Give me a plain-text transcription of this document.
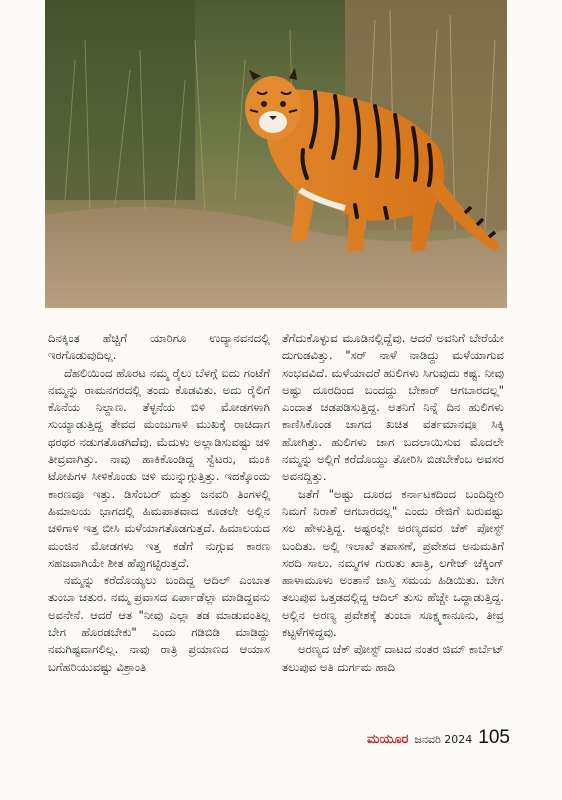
ದಿನಕ್ಕಿಂತ ಹೆಚ್ಚಿಗೆ ಯಾರಿಗೂ ಉದ್ಯಾನವನದಲ್ಲಿ ಇರಗೊಡುವುದಿಲ್ಲ.

ದೆಹಲಿಯಿಂದ ಹೊರಟ ನಮ್ಮ ರೈಲು ಬೆಳಗ್ಗೆ ಐದು ಗಂಟೆಗೆ ನಮ್ಮನ್ನು ರಾಮನಗರದಲ್ಲಿ ತಂದು ಕೊಡವಿತು. ಅದು ರೈಲಿಗೆ ಕೊನೆಯ ನಿಲ್ದಾಣ. ತೆಳ್ಳನೆಯ ಬಿಳಿ ಮೋಡಗಳಾಗಿ ಸುಯ್ಯಾಡುತ್ತಿದ್ದ ತೇವದ ಮಂಜುಗಾಳಿ ಮುಖಕ್ಕೆ ರಾಚಿದಾಗ ಥರಥರ ನಡುಗತೊಡಗಿದೆವು. ಮೆದುಳು ಅಲ್ಲಾಡಿಸುವಷ್ಟು ಚಳಿ ತೀವ್ರವಾಗಿತ್ತು. ನಾವು ಹಾಕಿಕೊಂಡಿದ್ದ ಸ್ವೆಟರು, ಮಂಕಿ ಟೋಪಿಗಳ ಸೀಳಿಕೊಂಡು ಚಳಿ ಮುನ್ನುಗ್ಗುತ್ತಿತ್ತು. ಇದಕ್ಕೊಂದು ಕಾರಣವೂ ಇತ್ತು. ಡಿಸೆಂಬರ್ ಮತ್ತು ಜನವರಿ ತಿಂಗಳಲ್ಲಿ ಹಿಮಾಲಯ ಭಾಗದಲ್ಲಿ ಹಿಮಪಾತವಾದ ಕೂಡಲೇ ಅಲ್ಲಿನ ಚಳಿಗಾಳಿ ಇತ್ತ ಬೀಸಿ ಮಳೆಯಾಗತೊಡಗುತ್ತದೆ. ಹಿಮಾಲಯದ ಮಂಜಿನ ಮೋಡಗಳು ಇತ್ತ ಕಡೆಗೆ ನುಗ್ಗುವ ಕಾರಣ ಸಹಜವಾಗಿಯೇ ಶೀತ ಹೆಪ್ಪುಗಟ್ಟಿರುತ್ತದೆ.

ನಮ್ಮನ್ನು ಕರೆದೊಯ್ಯಲು ಬಂದಿದ್ದ ಆದಿಲ್ ಎಂಬಾತ ತುಂಬಾ ಚತುರ. ನಮ್ಮ ಪ್ರವಾಸದ ಏರ್ಪಾಡೆಲ್ಲಾ ಮಾಡಿದ್ದವನು ಅವನೇನೆ. ಆದರೆ ಆತ "ನೀವು ಎಲ್ಲಾ ತಡ ಮಾಡುವಂತಿಲ್ಲ ಬೇಗ ಹೊರಡಬೇಕು" ಎಂದು ಗಡಿಬಿಡಿ ಮಾಡಿದ್ದು ನಮಗಿಷ್ಟವಾಗಲಿಲ್ಲ. ನಾವು ರಾತ್ರಿ ಪ್ರಯಾಣದ ಆಯಾಸ ಬಗೆಹರಿಯುವಷ್ಟು ವಿಶ್ರಾಂತಿ

ತೆಗೆದುಕೊಳ್ಳುವ ಮೂಡಿನಲ್ಲಿದ್ದೆವು. ಆದರೆ ಅವನಿಗೆ ಬೇರೆಯೇ ದುಗುಡವಿತ್ತು. "ಸರ್ ನಾಳೆ ನಾಡಿದ್ದು ಮಳೆಯಾಗುವ ಸಂಭವವಿದೆ. ಮಳೆಯಾದರೆ ಹುಲಿಗಳು ಸಿಗುವುದು ಕಷ್ಟ. ನೀವು ಅಷ್ಟು ದೂರದಿಂದ ಬಂದದ್ದು ಬೇಕಾರ್ ಆಗಬಾರದಲ್ಲ" ಎಂದಾತ ಚಡಪಡಿಸುತ್ತಿದ್ದ. ಅತನಿಗೆ ನಿನ್ನೆ ದಿನ ಹುಲಿಗಳು ಕಾಣಿಸಿಕೊಂಡ ಜಾಗದ ಖಚಿತ ವರ್ತಮಾನವೂ ಸಿಕ್ಕಿ ಹೋಗಿತ್ತು. ಹುಲಿಗಳು ಜಾಗ ಬದಲಾಯಿಸುವ ಮೊದಲೇ ನಮ್ಮನ್ನು ಅಲ್ಲಿಗೆ ಕರೆದೊಯ್ದು ತೋರಿಸಿ ಬಿಡಬೇಕೆಂಬ ಅವಸರ ಅವನದ್ದಿತ್ತು.

ಜತೆಗೆ "ಅಷ್ಟು ದೂರದ ಕರ್ನಾಟಕದಿಂದ ಬಂದಿದ್ದೀರಿ ನಿಮಗೆ ನಿರಾಶೆ ಆಗಬಾರದಲ್ಲ" ಎಂದು ರೇಜಿಗೆ ಬರುವಷ್ಟು ಸಲ ಹೇಳುತ್ತಿದ್ದ. ಅಷ್ಟರಲ್ಲೇ ಅರಣ್ಯದವರ ಚೆಕ್ ಪೋಸ್ಟ್ ಬಂದಿತು. ಅಲ್ಲಿ ಇಲಾಖೆ ತಪಾಸಣೆ, ಪ್ರವೇಶದ ಅನುಮತಿಗೆ ಸರದಿ ಸಾಲು. ನಮ್ಮಗಳ ಗುರುತು ಖಾತ್ರಿ, ಲಗೇಜ್ ಚೆಕ್ಕಿಂಗ್ ಹಾಳಾಮೂಳು ಅಂತಾನೆ ಜಾಸ್ತಿ ಸಮಯ ಹಿಡಿಯಿತು. ಬೇಗ ತಲುಪುವ ಒತ್ತಡದಲ್ಲಿದ್ದ ಆದಿಲ್ ತುಸು ಹೆಚ್ಚೇ ಒದ್ದಾಡುತ್ತಿದ್ದ. ಅಲ್ಲಿನ ಅರಣ್ಯ ಪ್ರವೇಶಕ್ಕೆ ತುಂಬಾ ಸೂಕ್ಷ್ಮಕಾನೂನು, ತೀವ್ರ ಕಟ್ಟಳೆಗಳಿದ್ದವು.

ಅರಣ್ಯದ ಚೆಕ್ ಪೋಸ್ಟ್ ದಾಟದ ನಂತರ ಜಿಮ್ ಕಾರ್ಬೆಟ್ ತಲುಪುವ ಅತಿ ದುರ್ಗಮ ಹಾದಿ

ಮಯೂರ ಜನವರಿ 2024 105
